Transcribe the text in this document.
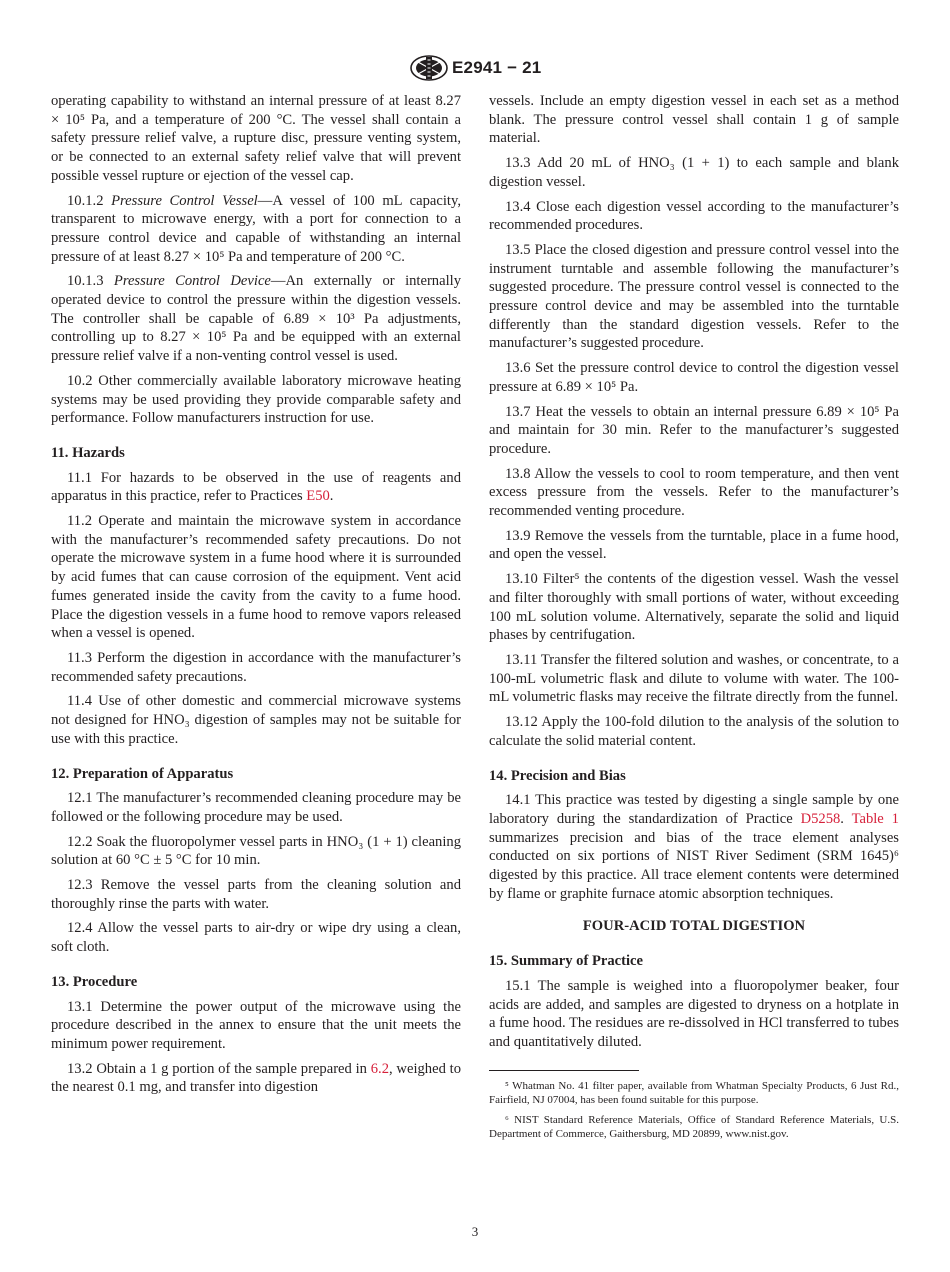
E2941 − 21

operating capability to withstand an internal pressure of at least 8.27 × 10⁵ Pa, and a temperature of 200 °C. The vessel shall contain a safety pressure relief valve, a rupture disc, pressure venting system, or be connected to an external safety relief valve that will prevent possible vessel rupture or ejection of the vessel cap.

10.1.2 Pressure Control Vessel—A vessel of 100 mL capacity, transparent to microwave energy, with a port for connection to a pressure control device and capable of withstanding an internal pressure of at least 8.27 × 10⁵ Pa and temperature of 200 °C.

10.1.3 Pressure Control Device—An externally or internally operated device to control the pressure within the digestion vessels. The controller shall be capable of 6.89 × 10³ Pa adjustments, controlling up to 8.27 × 10⁵ Pa and be equipped with an external pressure relief valve if a non-venting control vessel is used.

10.2 Other commercially available laboratory microwave heating systems may be used providing they provide comparable safety and performance. Follow manufacturers instruction for use.

11. Hazards

11.1 For hazards to be observed in the use of reagents and apparatus in this practice, refer to Practices E50.

11.2 Operate and maintain the microwave system in accordance with the manufacturer’s recommended safety precautions. Do not operate the microwave system in a fume hood where it is surrounded by acid fumes that can cause corrosion of the equipment. Vent acid fumes generated inside the cavity from the cavity to a fume hood. Place the digestion vessels in a fume hood to remove vapors released when a vessel is opened.

11.3 Perform the digestion in accordance with the manufacturer’s recommended safety precautions.

11.4 Use of other domestic and commercial microwave systems not designed for HNO₃ digestion of samples may not be suitable for use with this practice.

12. Preparation of Apparatus

12.1 The manufacturer’s recommended cleaning procedure may be followed or the following procedure may be used.

12.2 Soak the fluoropolymer vessel parts in HNO₃ (1 + 1) cleaning solution at 60 °C ± 5 °C for 10 min.

12.3 Remove the vessel parts from the cleaning solution and thoroughly rinse the parts with water.

12.4 Allow the vessel parts to air-dry or wipe dry using a clean, soft cloth.

13. Procedure

13.1 Determine the power output of the microwave using the procedure described in the annex to ensure that the unit meets the minimum power requirement.

13.2 Obtain a 1 g portion of the sample prepared in 6.2, weighed to the nearest 0.1 mg, and transfer into digestion

vessels. Include an empty digestion vessel in each set as a method blank. The pressure control vessel shall contain 1 g of sample material.

13.3 Add 20 mL of HNO₃ (1 + 1) to each sample and blank digestion vessel.

13.4 Close each digestion vessel according to the manufacturer’s recommended procedures.

13.5 Place the closed digestion and pressure control vessel into the instrument turntable and assemble following the manufacturer’s suggested procedure. The pressure control vessel is connected to the pressure control device and may be assembled into the turntable differently than the standard digestion vessels. Refer to the manufacturer’s suggested procedure.

13.6 Set the pressure control device to control the digestion vessel pressure at 6.89 × 10⁵ Pa.

13.7 Heat the vessels to obtain an internal pressure 6.89 × 10⁵ Pa and maintain for 30 min. Refer to the manufacturer’s suggested procedure.

13.8 Allow the vessels to cool to room temperature, and then vent excess pressure from the vessels. Refer to the manufacturer’s recommended venting procedure.

13.9 Remove the vessels from the turntable, place in a fume hood, and open the vessel.

13.10 Filter⁵ the contents of the digestion vessel. Wash the vessel and filter thoroughly with small portions of water, without exceeding 100 mL solution volume. Alternatively, separate the solid and liquid phases by centrifugation.

13.11 Transfer the filtered solution and washes, or concentrate, to a 100-mL volumetric flask and dilute to volume with water. The 100-mL volumetric flasks may receive the filtrate directly from the funnel.

13.12 Apply the 100-fold dilution to the analysis of the solution to calculate the solid material content.

14. Precision and Bias

14.1 This practice was tested by digesting a single sample by one laboratory during the standardization of Practice D5258. Table 1 summarizes precision and bias of the trace element analyses conducted on six portions of NIST River Sediment (SRM 1645)⁶ digested by this practice. All trace element contents were determined by flame or graphite furnace atomic absorption techniques.

FOUR-ACID TOTAL DIGESTION
15. Summary of Practice

15.1 The sample is weighed into a fluoropolymer beaker, four acids are added, and samples are digested to dryness on a hotplate in a fume hood. The residues are re-dissolved in HCl transferred to tubes and quantitatively diluted.

⁵ Whatman No. 41 filter paper, available from Whatman Specialty Products, 6 Just Rd., Fairfield, NJ 07004, has been found suitable for this purpose.

⁶ NIST Standard Reference Materials, Office of Standard Reference Materials, U.S. Department of Commerce, Gaithersburg, MD 20899, www.nist.gov.

3
